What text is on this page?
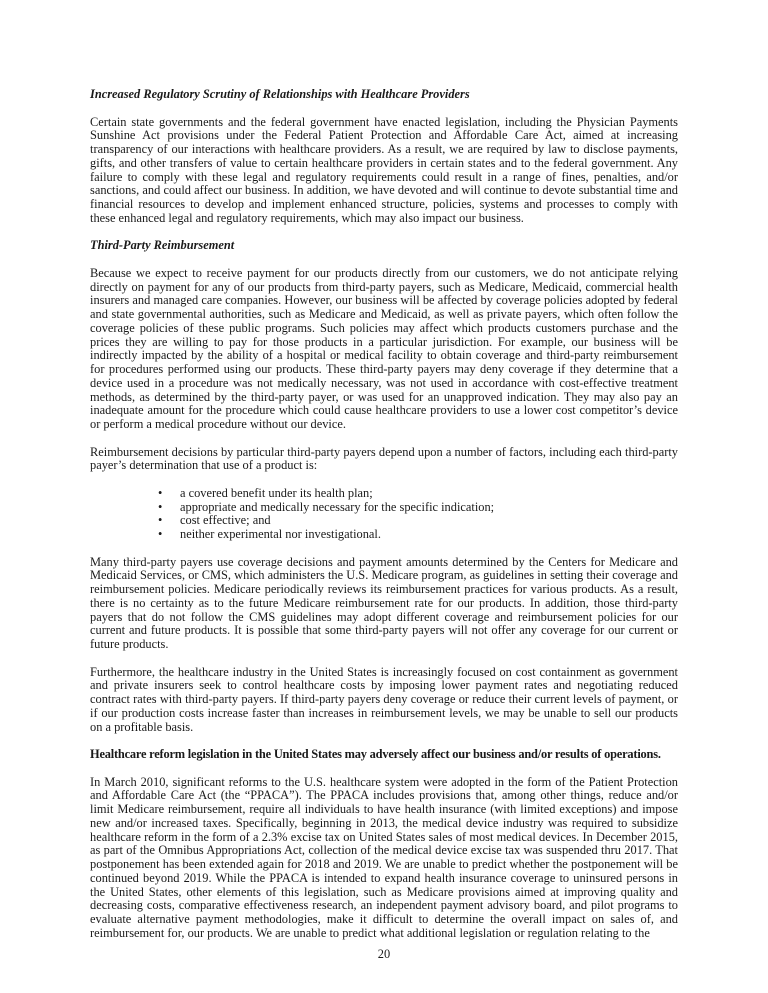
Increased Regulatory Scrutiny of Relationships with Healthcare Providers

Certain state governments and the federal government have enacted legislation, including the Physician Payments Sunshine Act provisions under the Federal Patient Protection and Affordable Care Act, aimed at increasing transparency of our interactions with healthcare providers. As a result, we are required by law to disclose payments, gifts, and other transfers of value to certain healthcare providers in certain states and to the federal government. Any failure to comply with these legal and regulatory requirements could result in a range of fines, penalties, and/or sanctions, and could affect our business. In addition, we have devoted and will continue to devote substantial time and financial resources to develop and implement enhanced structure, policies, systems and processes to comply with these enhanced legal and regulatory requirements, which may also impact our business.

Third-Party Reimbursement

Because we expect to receive payment for our products directly from our customers, we do not anticipate relying directly on payment for any of our products from third-party payers, such as Medicare, Medicaid, commercial health insurers and managed care companies. However, our business will be affected by coverage policies adopted by federal and state governmental authorities, such as Medicare and Medicaid, as well as private payers, which often follow the coverage policies of these public programs. Such policies may affect which products customers purchase and the prices they are willing to pay for those products in a particular jurisdiction. For example, our business will be indirectly impacted by the ability of a hospital or medical facility to obtain coverage and third-party reimbursement for procedures performed using our products. These third-party payers may deny coverage if they determine that a device used in a procedure was not medically necessary, was not used in accordance with cost-effective treatment methods, as determined by the third-party payer, or was used for an unapproved indication. They may also pay an inadequate amount for the procedure which could cause healthcare providers to use a lower cost competitor’s device or perform a medical procedure without our device.

Reimbursement decisions by particular third-party payers depend upon a number of factors, including each third-party payer’s determination that use of a product is:

• a covered benefit under its health plan;
• appropriate and medically necessary for the specific indication;
• cost effective; and
• neither experimental nor investigational.

Many third-party payers use coverage decisions and payment amounts determined by the Centers for Medicare and Medicaid Services, or CMS, which administers the U.S. Medicare program, as guidelines in setting their coverage and reimbursement policies. Medicare periodically reviews its reimbursement practices for various products. As a result, there is no certainty as to the future Medicare reimbursement rate for our products. In addition, those third-party payers that do not follow the CMS guidelines may adopt different coverage and reimbursement policies for our current and future products. It is possible that some third-party payers will not offer any coverage for our current or future products.

Furthermore, the healthcare industry in the United States is increasingly focused on cost containment as government and private insurers seek to control healthcare costs by imposing lower payment rates and negotiating reduced contract rates with third-party payers. If third-party payers deny coverage or reduce their current levels of payment, or if our production costs increase faster than increases in reimbursement levels, we may be unable to sell our products on a profitable basis.

Healthcare reform legislation in the United States may adversely affect our business and/or results of operations.

In March 2010, significant reforms to the U.S. healthcare system were adopted in the form of the Patient Protection and Affordable Care Act (the “PPACA”). The PPACA includes provisions that, among other things, reduce and/or limit Medicare reimbursement, require all individuals to have health insurance (with limited exceptions) and impose new and/or increased taxes. Specifically, beginning in 2013, the medical device industry was required to subsidize healthcare reform in the form of a 2.3% excise tax on United States sales of most medical devices. In December 2015, as part of the Omnibus Appropriations Act, collection of the medical device excise tax was suspended thru 2017. That postponement has been extended again for 2018 and 2019. We are unable to predict whether the postponement will be continued beyond 2019. While the PPACA is intended to expand health insurance coverage to uninsured persons in the United States, other elements of this legislation, such as Medicare provisions aimed at improving quality and decreasing costs, comparative effectiveness research, an independent payment advisory board, and pilot programs to evaluate alternative payment methodologies, make it difficult to determine the overall impact on sales of, and reimbursement for, our products. We are unable to predict what additional legislation or regulation relating to the

20
